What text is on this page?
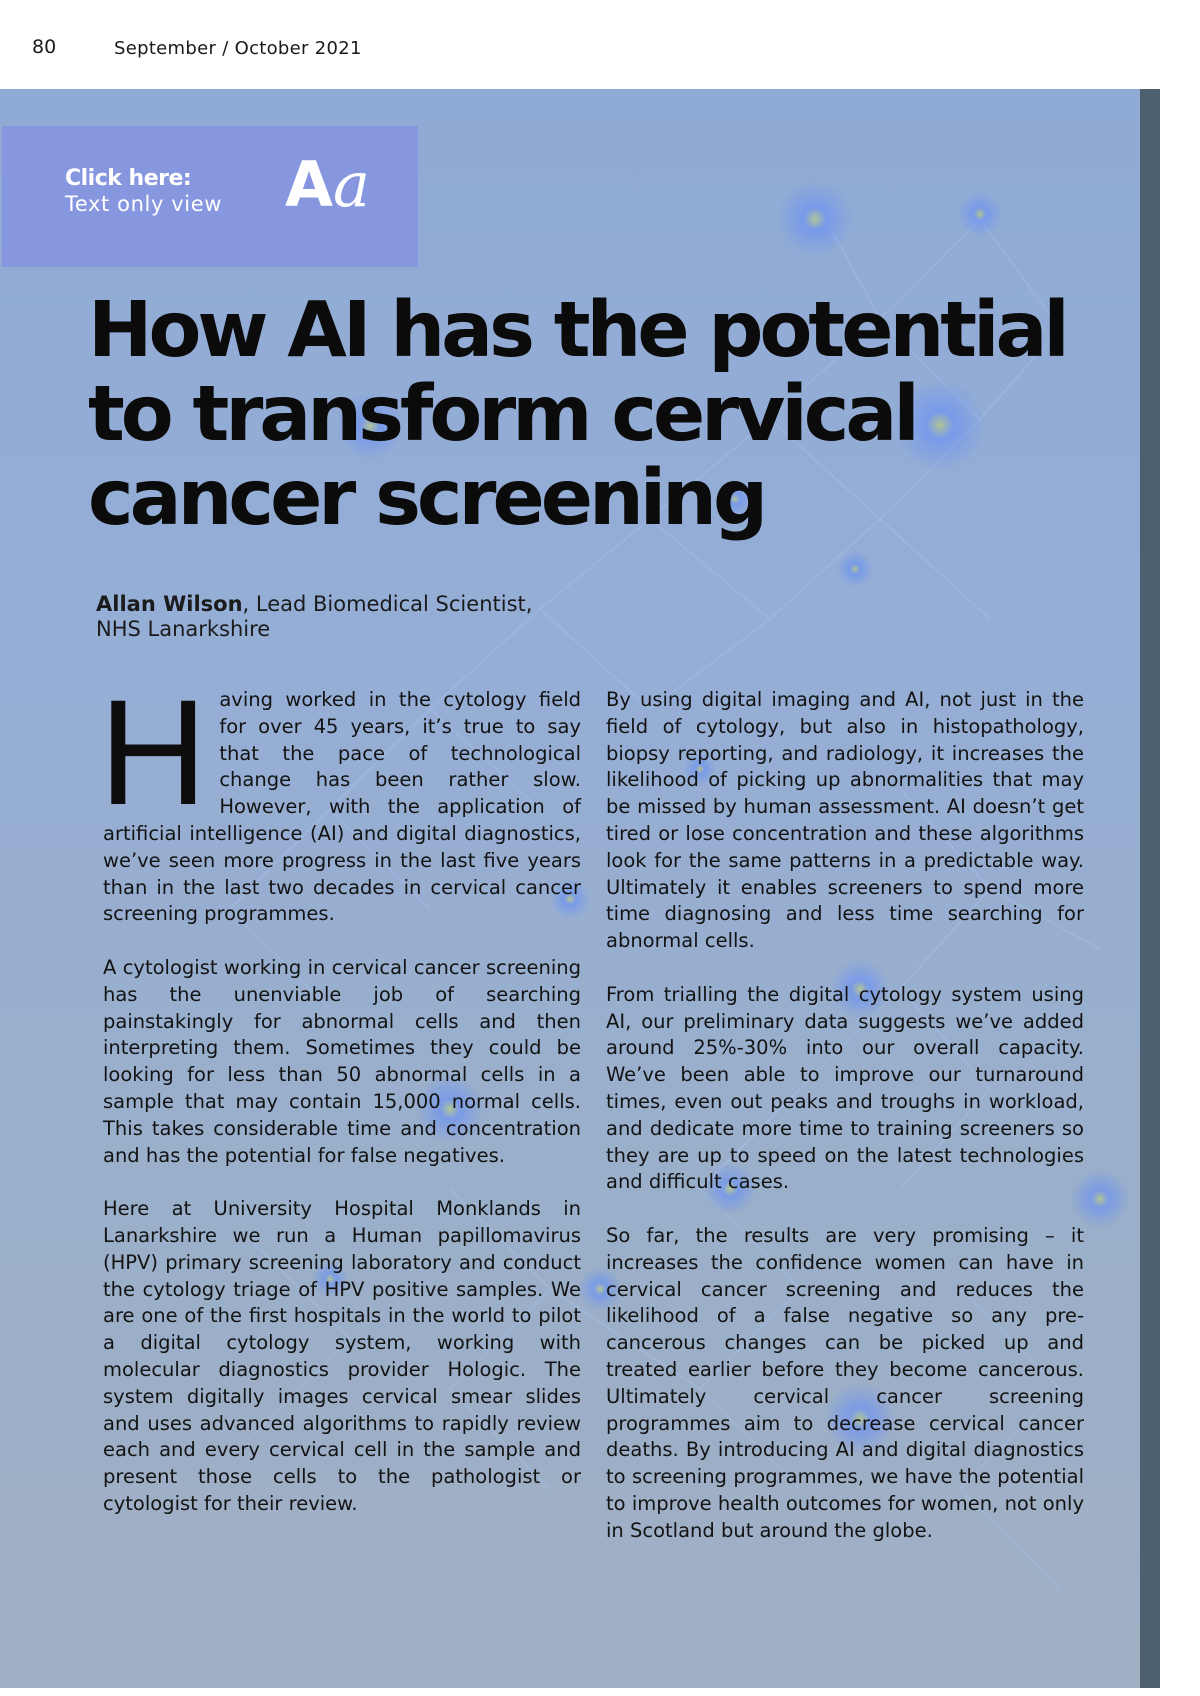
80	September / October 2021
Click here:
Text only view Aa
How AI has the potential
to transform cervical
cancer screening
Allan Wilson, Lead Biomedical Scientist, NHS Lanarkshire

Having worked in the cytology field for over 45 years, it’s true to say that the pace of technological change has been rather slow. However, with the application of artificial intelligence (AI) and digital diagnostics, we’ve seen more progress in the last five years than in the last two decades in cervical cancer screening programmes.

A cytologist working in cervical cancer screening has the unenviable job of searching painstakingly for abnormal cells and then interpreting them. Sometimes they could be looking for less than 50 abnormal cells in a sample that may contain 15,000 normal cells. This takes considerable time and concentration and has the potential for false negatives.

Here at University Hospital Monklands in Lanarkshire we run a Human papillomavirus (HPV) primary screening laboratory and conduct the cytology triage of HPV positive samples. We are one of the first hospitals in the world to pilot a digital cytology system, working with molecular diagnostics provider Hologic. The system digitally images cervical smear slides and uses advanced algorithms to rapidly review each and every cervical cell in the sample and present those cells to the pathologist or cytologist for their review.

By using digital imaging and AI, not just in the field of cytology, but also in histopathology, biopsy reporting, and radiology, it increases the likelihood of picking up abnormalities that may be missed by human assessment. AI doesn’t get tired or lose concentration and these algorithms look for the same patterns in a predictable way. Ultimately it enables screeners to spend more time diagnosing and less time searching for abnormal cells.

From trialling the digital cytology system using AI, our preliminary data suggests we’ve added around 25%-30% into our overall capacity. We’ve been able to improve our turnaround times, even out peaks and troughs in workload, and dedicate more time to training screeners so they are up to speed on the latest technologies and difficult cases.

So far, the results are very promising – it increases the confidence women can have in cervical cancer screening and reduces the likelihood of a false negative so any pre-cancerous changes can be picked up and treated earlier before they become cancerous. Ultimately cervical cancer screening programmes aim to decrease cervical cancer deaths. By introducing AI and digital diagnostics to screening programmes, we have the potential to improve health outcomes for women, not only in Scotland but around the globe.
